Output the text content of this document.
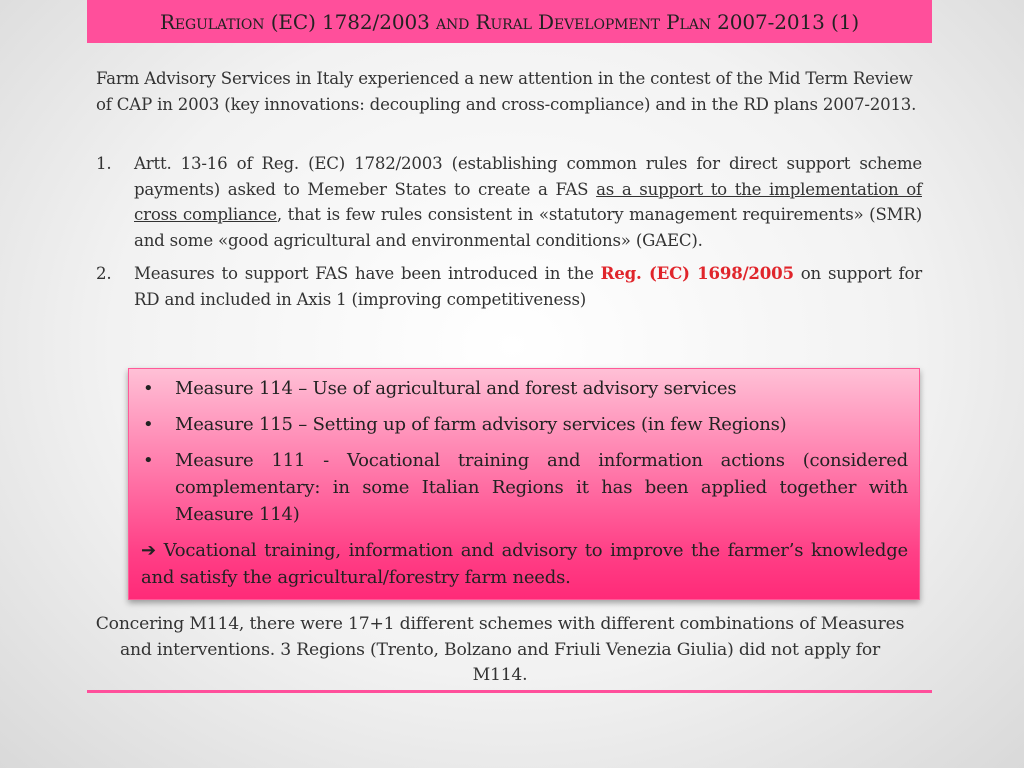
Regulation (EC) 1782/2003 and Rural Development Plan 2007-2013 (1)

Farm Advisory Services in Italy experienced a new attention in the contest of the Mid Term Review of CAP in 2003 (key innovations: decoupling and cross-compliance) and in the RD plans 2007-2013.

1.	Artt. 13-16 of Reg. (EC) 1782/2003 (establishing common rules for direct support scheme payments) asked to Memeber States to create a FAS as a support to the implementation of cross compliance, that is few rules consistent in «statutory management requirements» (SMR) and some «good agricultural and environmental conditions» (GAEC).
2.	Measures to support FAS have been introduced in the Reg. (EC) 1698/2005 on support for RD and included in Axis 1 (improving competitiveness)
•	Measure 114 – Use of agricultural and forest advisory services
•	Measure 115 – Setting up of farm advisory services (in few Regions)
•	Measure 111 - Vocational training and information actions (considered complementary: in some Italian Regions it has been applied together with Measure 114)

➔ Vocational training, information and advisory to improve the farmer’s knowledge and satisfy the agricultural/forestry farm needs.

Concering M114, there were 17+1 different schemes with different combinations of Measures and interventions. 3 Regions (Trento, Bolzano and Friuli Venezia Giulia) did not apply for M114.
